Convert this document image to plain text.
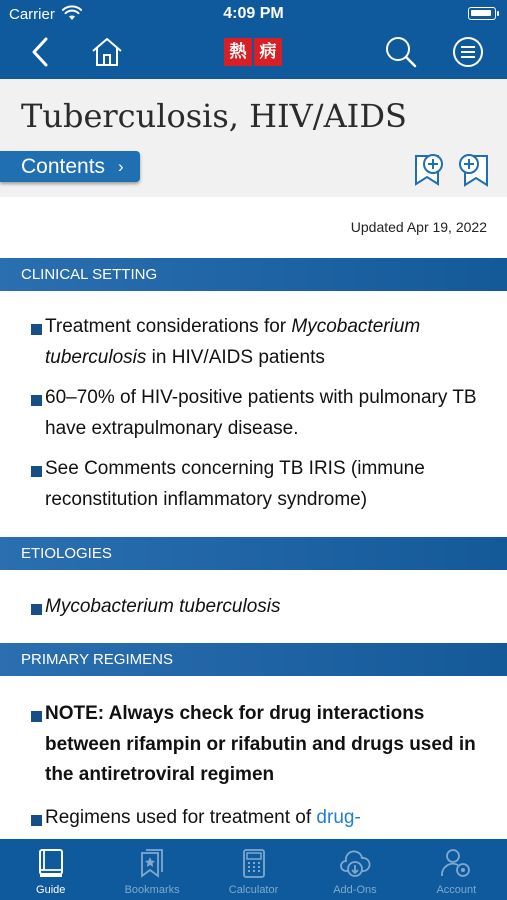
Carrier	4:09 PM
熱 病
Tuberculosis, HIV/AIDS
Contents ›
Updated Apr 19, 2022
CLINICAL SETTING
Treatment considerations for Mycobacterium tuberculosis in HIV/AIDS patients
60–70% of HIV-positive patients with pulmonary TB have extrapulmonary disease.
See Comments concerning TB IRIS (immune reconstitution inflammatory syndrome)
ETIOLOGIES
Mycobacterium tuberculosis
PRIMARY REGIMENS
NOTE: Always check for drug interactions between rifampin or rifabutin and drugs used in the antiretroviral regimen
Regimens used for treatment of drug-
Guide	Bookmarks	Calculator	Add-Ons	Account
